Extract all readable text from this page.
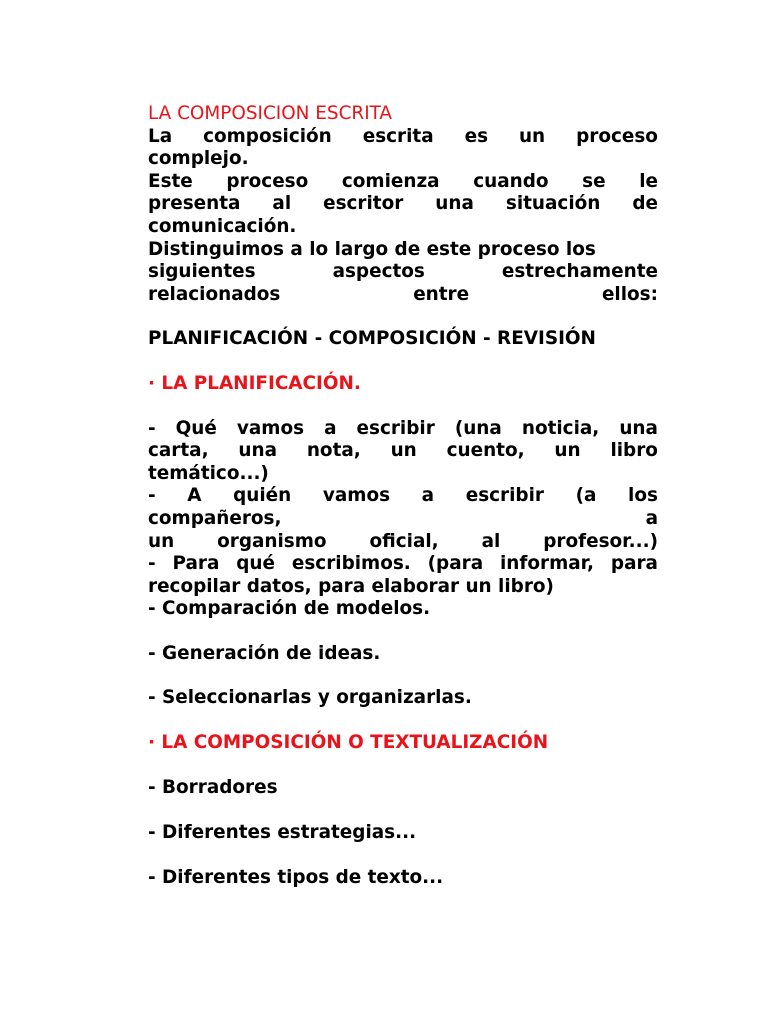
LA COMPOSICION ESCRITA
La composición escrita es un proceso
complejo.
Este proceso comienza cuando se le
presenta al escritor una situación de
comunicación.
Distinguimos a lo largo de este proceso los
siguientes	aspectos	estrechamente
relacionados	entre	ellos:
PLANIFICACIÓN - COMPOSICIÓN - REVISIÓN
· LA PLANIFICACIÓN.
- Qué vamos a escribir (una noticia, una
carta, una nota, un cuento, un libro
temático...)
- A quién vamos a escribir (a los
compañeros,	a
un organismo oficial, al profesor...)
- Para qué escribimos. (para informar, para
recopilar datos, para elaborar un libro)
- Comparación de modelos.
- Generación de ideas.
- Seleccionarlas y organizarlas.
· LA COMPOSICIÓN O TEXTUALIZACIÓN
- Borradores
- Diferentes estrategias...
- Diferentes tipos de texto...
